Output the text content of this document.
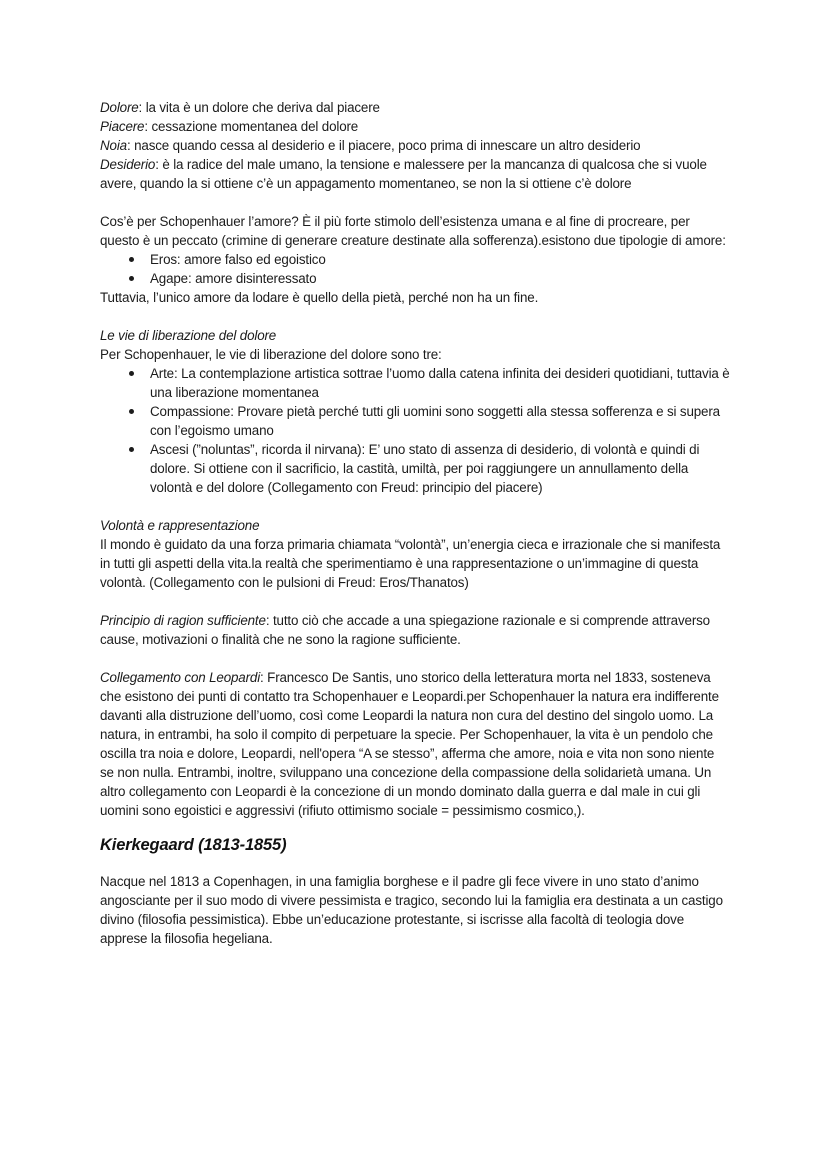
Dolore: la vita è un dolore che deriva dal piacere

Piacere: cessazione momentanea del dolore

Noia: nasce quando cessa al desiderio e il piacere, poco prima di innescare un altro desiderio

Desiderio: è la radice del male umano, la tensione e malessere per la mancanza di qualcosa che si vuole avere, quando la si ottiene c’è un appagamento momentaneo, se non la si ottiene c’è dolore

Cos’è per Schopenhauer l’amore? È il più forte stimolo dell’esistenza umana e al fine di procreare, per questo è un peccato (crimine di generare creature destinate alla sofferenza).esistono due tipologie di amore:

Eros: amore falso ed egoistico
Agape: amore disinteressato

Tuttavia, l’unico amore da lodare è quello della pietà, perché non ha un fine.

Le vie di liberazione del dolore

Per Schopenhauer, le vie di liberazione del dolore sono tre:

Arte: La contemplazione artistica sottrae l’uomo dalla catena infinita dei desideri quotidiani, tuttavia è una liberazione momentanea
Compassione: Provare pietà perché tutti gli uomini sono soggetti alla stessa sofferenza e si supera con l’egoismo umano
Ascesi (”noluntas”, ricorda il nirvana): E’ uno stato di assenza di desiderio, di volontà e quindi di dolore. Si ottiene con il sacrificio, la castità, umiltà, per poi raggiungere un annullamento della volontà e del dolore (Collegamento con Freud: principio del piacere)

Volontà e rappresentazione

Il mondo è guidato da una forza primaria chiamata “volontà”, un’energia cieca e irrazionale che si manifesta in tutti gli aspetti della vita.la realtà che sperimentiamo è una rappresentazione o un’immagine di questa volontà. (Collegamento con le pulsioni di Freud: Eros/Thanatos)

Principio di ragion sufficiente: tutto ciò che accade a una spiegazione razionale e si comprende attraverso cause, motivazioni o finalità che ne sono la ragione sufficiente.

Collegamento con Leopardi: Francesco De Santis, uno storico della letteratura morta nel 1833, sosteneva che esistono dei punti di contatto tra Schopenhauer e Leopardi.per Schopenhauer la natura era indifferente davanti alla distruzione dell’uomo, così come Leopardi la natura non cura del destino del singolo uomo. La natura, in entrambi, ha solo il compito di perpetuare la specie. Per Schopenhauer, la vita è un pendolo che oscilla tra noia e dolore, Leopardi, nell'opera “A se stesso”, afferma che amore, noia e vita non sono niente se non nulla. Entrambi, inoltre, sviluppano una concezione della compassione della solidarietà umana. Un altro collegamento con Leopardi è la concezione di un mondo dominato dalla guerra e dal male in cui gli uomini sono egoistici e aggressivi (rifiuto ottimismo sociale = pessimismo cosmico,).

Kierkegaard (1813-1855)

Nacque nel 1813 a Copenhagen, in una famiglia borghese e il padre gli fece vivere in uno stato d’animo angosciante per il suo modo di vivere pessimista e tragico, secondo lui la famiglia era destinata a un castigo divino (filosofia pessimistica). Ebbe un’educazione protestante, si iscrisse alla facoltà di teologia dove apprese la filosofia hegeliana.
